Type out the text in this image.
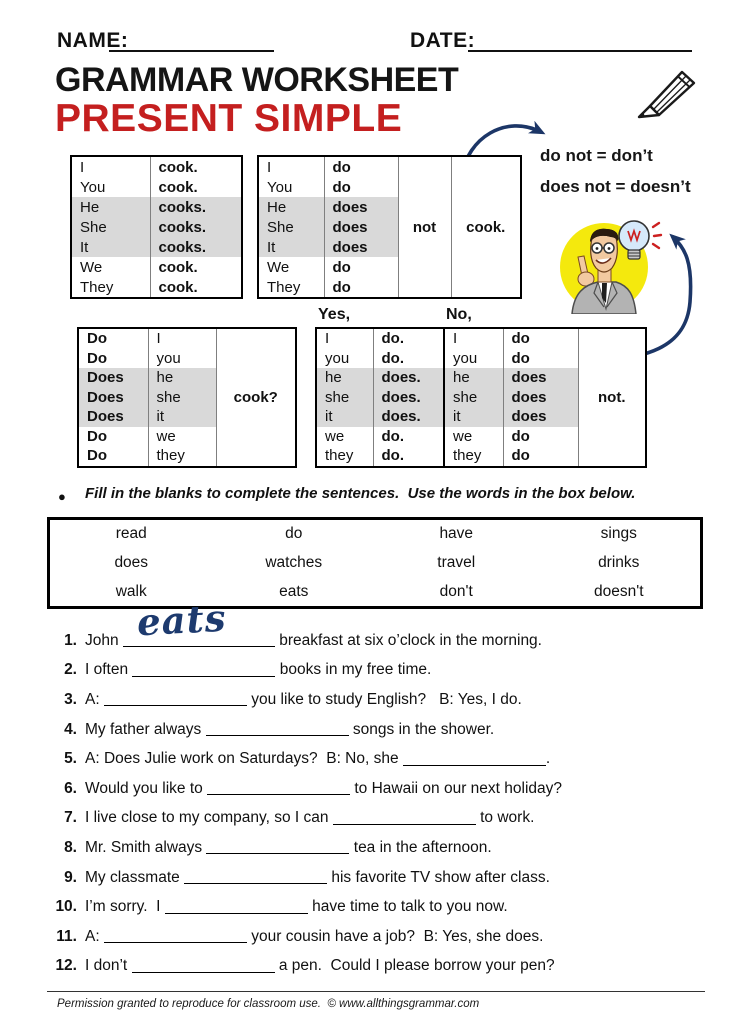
NAME:	DATE:
GRAMMAR WORKSHEET
PRESENT SIMPLE
I	cook.
You	cook.
He	cooks.
She	cooks.
It	cooks.
We	cook.
They	cook.
I	do	not	cook.
You	do		
He	does		
She	does		
It	does		
We	do		
They	do		
do not = don’t
does not = doesn’t
Yes,	No,
Do	I	cook?
Do	you	
Does	he	
Does	she	
Does	it	
Do	we	
Do	they	
I	do.	I	do	not.
you	do.	you	do	
he	does.	he	does	
she	does.	she	does	
it	does.	it	does	
we	do.	we	do	
they	do.	they	do	
● Fill in the blanks to complete the sentences.  Use the words in the box below.
read	do	have	sings
does	watches	travel	drinks
walk	eats	don't	doesn't
1. John eats	breakfast at six o’clock in the morning.
2. I often	books in my free time.
3. A:	you like to study English?   B: Yes, I do.
4. My father always	songs in the shower.
5. A: Does Julie work on Saturdays?  B: No, she	.
6. Would you like to	to Hawaii on our next holiday?
7. I live close to my company, so I can	to work.
8. Mr. Smith always	tea in the afternoon.
9. My classmate	his favorite TV show after class.
10. I’m sorry.  I	have time to talk to you now.
11. A:	your cousin have a job?  B: Yes, she does.
12. I don’t	a pen.  Could I please borrow your pen?
Permission granted to reproduce for classroom use.  © www.allthingsgrammar.com
